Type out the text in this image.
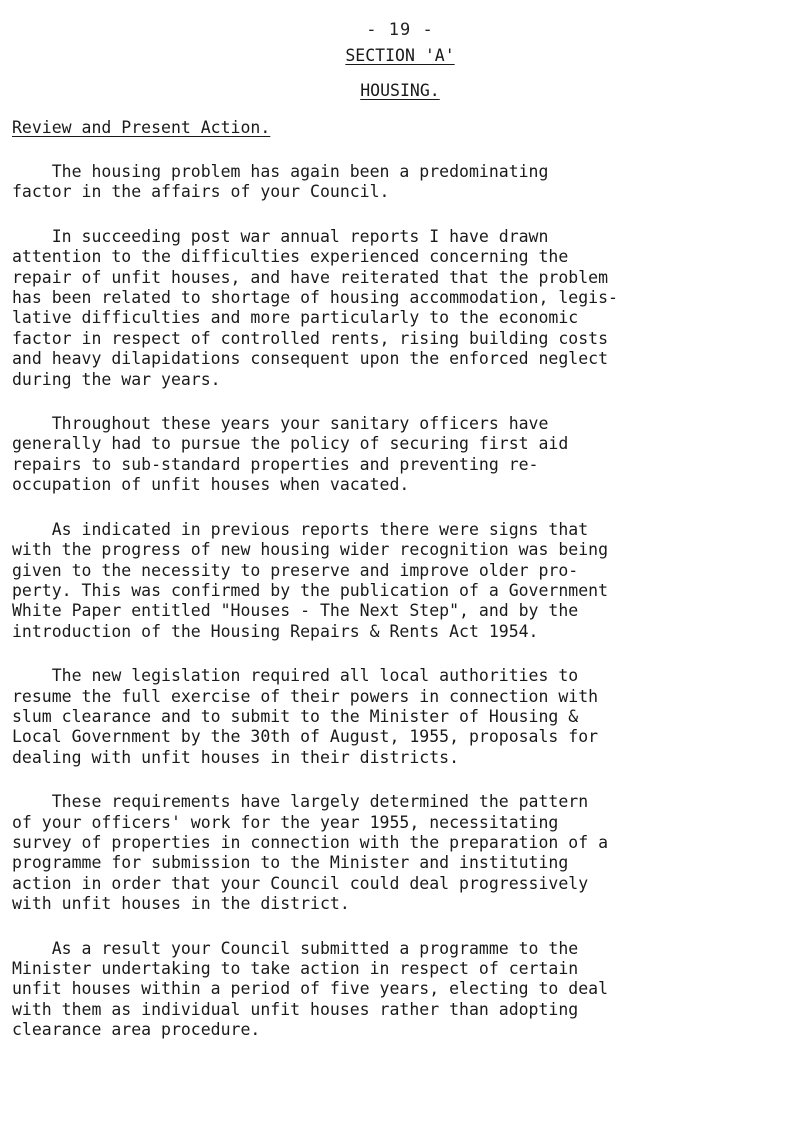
- 19 -
SECTION 'A'
HOUSING.
Review and Present Action.

The housing problem has again been a predominating
factor in the affairs of your Council.

In succeeding post war annual reports I have drawn
attention to the difficulties experienced concerning the
repair of unfit houses, and have reiterated that the problem
has been related to shortage of housing accommodation, legis-
lative difficulties and more particularly to the economic
factor in respect of controlled rents, rising building costs
and heavy dilapidations consequent upon the enforced neglect
during the war years.

Throughout these years your sanitary officers have
generally had to pursue the policy of securing first aid
repairs to sub-standard properties and preventing re-
occupation of unfit houses when vacated.

As indicated in previous reports there were signs that
with the progress of new housing wider recognition was being
given to the necessity to preserve and improve older pro-
perty. This was confirmed by the publication of a Government
White Paper entitled "Houses - The Next Step", and by the
introduction of the Housing Repairs & Rents Act 1954.

The new legislation required all local authorities to
resume the full exercise of their powers in connection with
slum clearance and to submit to the Minister of Housing &
Local Government by the 30th of August, 1955, proposals for
dealing with unfit houses in their districts.

These requirements have largely determined the pattern
of your officers' work for the year 1955, necessitating
survey of properties in connection with the preparation of a
programme for submission to the Minister and instituting
action in order that your Council could deal progressively
with unfit houses in the district.

As a result your Council submitted a programme to the
Minister undertaking to take action in respect of certain
unfit houses within a period of five years, electing to deal
with them as individual unfit houses rather than adopting
clearance area procedure.
